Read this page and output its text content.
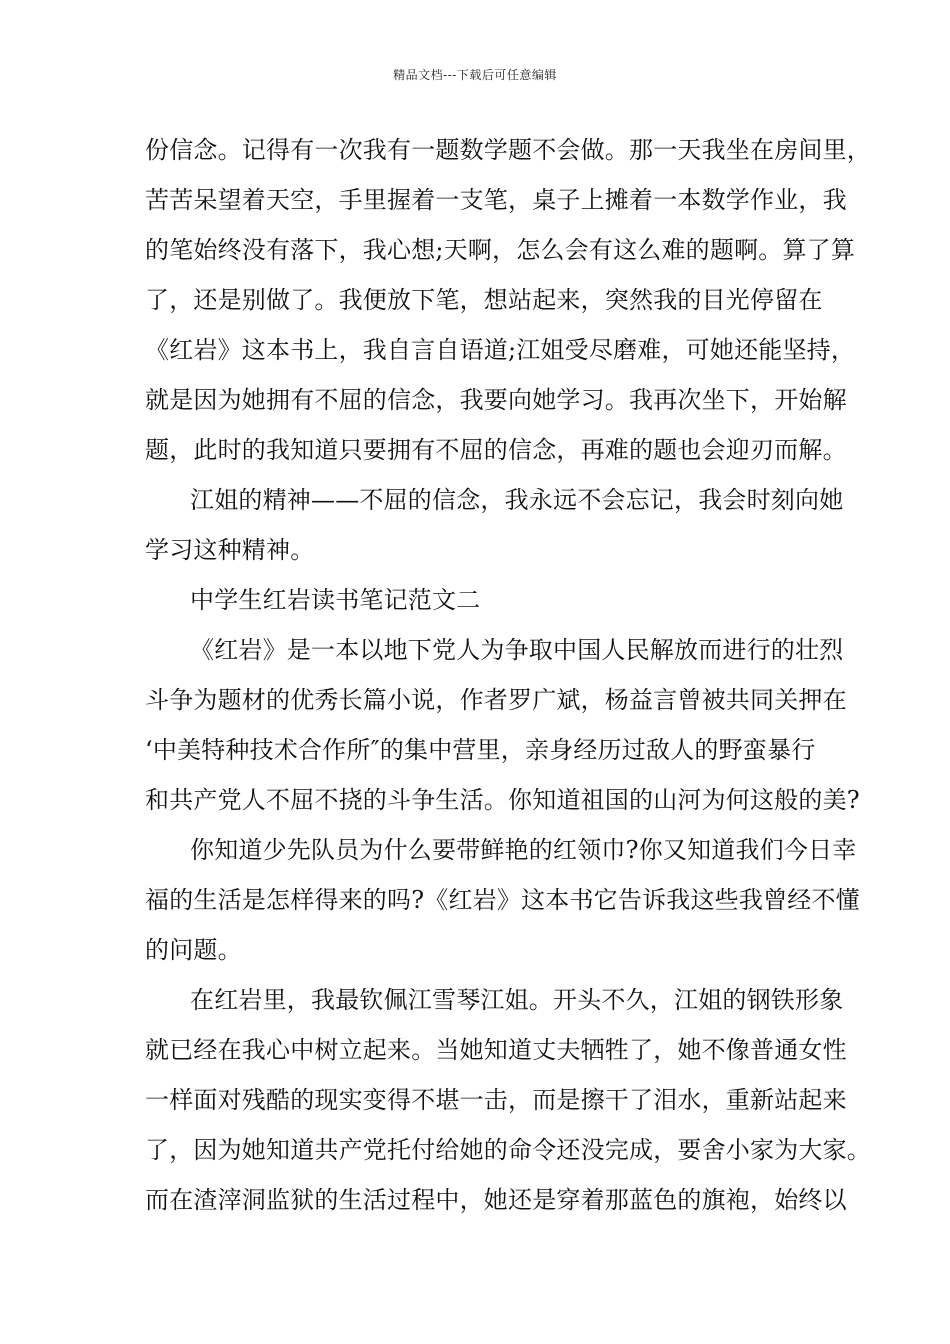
精品文档---下载后可任意编辑
份信念。记得有一次我有一题数学题不会做。那一天我坐在房间里，
苦苦呆望着天空，手里握着一支笔，桌子上摊着一本数学作业，我
的笔始终没有落下，我心想;天啊，怎么会有这么难的题啊。算了算
了，还是别做了。我便放下笔，想站起来，突然我的目光停留在
《红岩》这本书上，我自言自语道;江姐受尽磨难，可她还能坚持，
就是因为她拥有不屈的信念，我要向她学习。我再次坐下，开始解
题，此时的我知道只要拥有不屈的信念，再难的题也会迎刃而解。
江姐的精神——不屈的信念，我永远不会忘记，我会时刻向她
学习这种精神。
中学生红岩读书笔记范文二
《红岩》是一本以地下党人为争取中国人民解放而进行的壮烈
斗争为题材的优秀长篇小说，作者罗广斌，杨益言曾被共同关押在
‘中美特种技术合作所″的集中营里，亲身经历过敌人的野蛮暴行
和共产党人不屈不挠的斗争生活。你知道祖国的山河为何这般的美?
你知道少先队员为什么要带鲜艳的红领巾?你又知道我们今日幸
福的生活是怎样得来的吗?《红岩》这本书它告诉我这些我曾经不懂
的问题。
在红岩里，我最钦佩江雪琴江姐。开头不久，江姐的钢铁形象
就已经在我心中树立起来。当她知道丈夫牺牲了，她不像普通女性
一样面对残酷的现实变得不堪一击，而是擦干了泪水，重新站起来
了，因为她知道共产党托付给她的命令还没完成，要舍小家为大家。
而在渣滓洞监狱的生活过程中，她还是穿着那蓝色的旗袍，始终以
